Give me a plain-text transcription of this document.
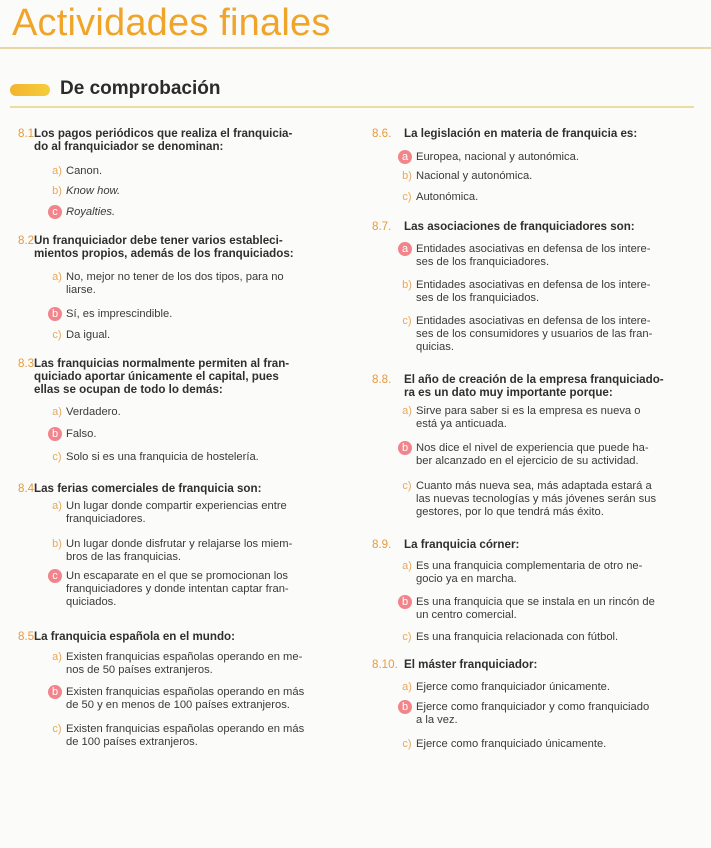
Actividades finales
De comprobación
8.1.
Los pagos periódicos que realiza el franquicia-
do al franquiciador se denominan:
a) Canon.
b) Know how.
c Royalties.
8.2.
Un franquiciador debe tener varios estableci-
mientos propios, además de los franquiciados:
a) No, mejor no tener de los dos tipos, para no
liarse.
b Sí, es imprescindible.
c) Da igual.
8.3.
Las franquicias normalmente permiten al fran-
quiciado aportar únicamente el capital, pues
ellas se ocupan de todo lo demás:
a) Verdadero.
b Falso.
c) Solo si es una franquicia de hostelería.
8.4.
Las ferias comerciales de franquicia son:
a) Un lugar donde compartir experiencias entre
franquiciadores.
b) Un lugar donde disfrutar y relajarse los miem-
bros de las franquicias.
c Un escaparate en el que se promocionan los
franquiciadores y donde intentan captar fran-
quiciados.
8.5.
La franquicia española en el mundo:
a) Existen franquicias españolas operando en me-
nos de 50 países extranjeros.
b Existen franquicias españolas operando en más
de 50 y en menos de 100 países extranjeros.
c) Existen franquicias españolas operando en más
de 100 países extranjeros.
8.6. La legislación en materia de franquicia es:
a Europea, nacional y autonómica.
b) Nacional y autonómica.
c) Autonómica.
8.7. Las asociaciones de franquiciadores son:
a Entidades asociativas en defensa de los intere-
ses de los franquiciadores.
b) Entidades asociativas en defensa de los intere-
ses de los franquiciados.
c) Entidades asociativas en defensa de los intere-
ses de los consumidores y usuarios de las fran-
quicias.
8.8. El año de creación de la empresa franquiciado-
ra es un dato muy importante porque:
a) Sirve para saber si es la empresa es nueva o
está ya anticuada.
b Nos dice el nivel de experiencia que puede ha-
ber alcanzado en el ejercicio de su actividad.
c) Cuanto más nueva sea, más adaptada estará a
las nuevas tecnologías y más jóvenes serán sus
gestores, por lo que tendrá más éxito.
8.9. La franquicia córner:
a) Es una franquicia complementaria de otro ne-
gocio ya en marcha.
b Es una franquicia que se instala en un rincón de
un centro comercial.
c) Es una franquicia relacionada con fútbol.
8.10. El máster franquiciador:
a) Ejerce como franquiciador únicamente.
b Ejerce como franquiciador y como franquiciado
a la vez.
c) Ejerce como franquiciado únicamente.
